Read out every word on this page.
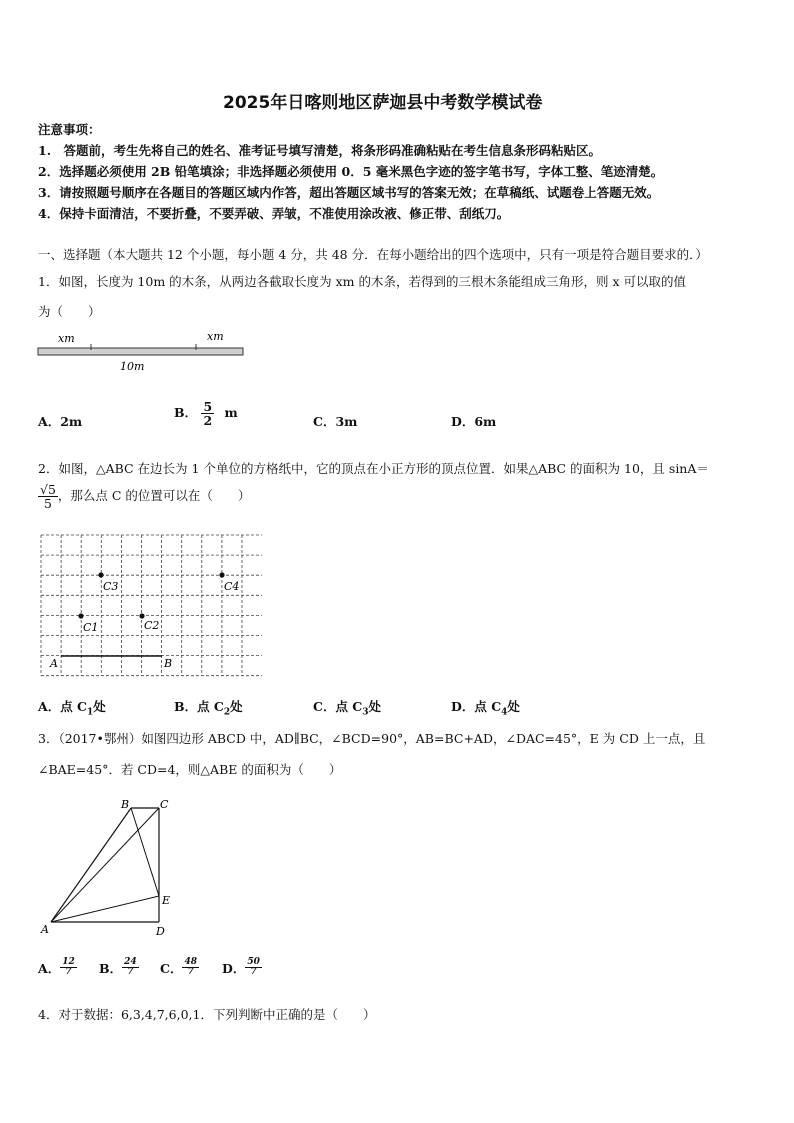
2025年日喀则地区萨迦县中考数学模试卷
注意事项：
1.　答题前，考生先将自己的姓名、准考证号填写清楚，将条形码准确粘贴在考生信息条形码粘贴区。
2．选择题必须使用 2B 铅笔填涂；非选择题必须使用 0．5 毫米黑色字迹的签字笔书写，字体工整、笔迹清楚。
3．请按照题号顺序在各题目的答题区域内作答，超出答题区域书写的答案无效；在草稿纸、试题卷上答题无效。
4．保持卡面清洁，不要折叠，不要弄破、弄皱，不准使用涂改液、修正带、刮纸刀。
一、选择题（本大题共 12 个小题，每小题 4 分，共 48 分．在每小题给出的四个选项中，只有一项是符合题目要求的．）
1．如图，长度为 10m 的木条，从两边各截取长度为 xm 的木条，若得到的三根木条能组成三角形，则 x 可以取的值
为（　　）
xm	xm
10m
A．2m
B． $\frac{5}{2}$ m
C．3m	D．6m
2．如图，△ABC 在边长为 1 个单位的方格纸中，它的顶点在小正方形的顶点位置．如果△ABC 的面积为 10，且 sinA＝
$\frac{√5}{5}$ ，那么点 C 的位置可以在（　　）
A	B
C1	C2
C3	C4
A．点 $C_1$处	B．点 $C_2$处	C．点 $C_3$处	D．点 $C_4$处
3．（2017•鄂州）如图四边形 ABCD 中，AD∥BC，∠BCD=90°，AB=BC+AD，∠DAC=45°，E 为 CD 上一点，且
∠BAE=45°．若 CD=4，则△ABE 的面积为（　　）
A
B	C
D
E
A． $\frac{12}{7}$ B． $\frac{24}{7}$ C． $\frac{48}{7}$ D． $\frac{50}{7}$
4．对于数据：6,3,4,7,6,0,1．下列判断中正确的是（　　）
